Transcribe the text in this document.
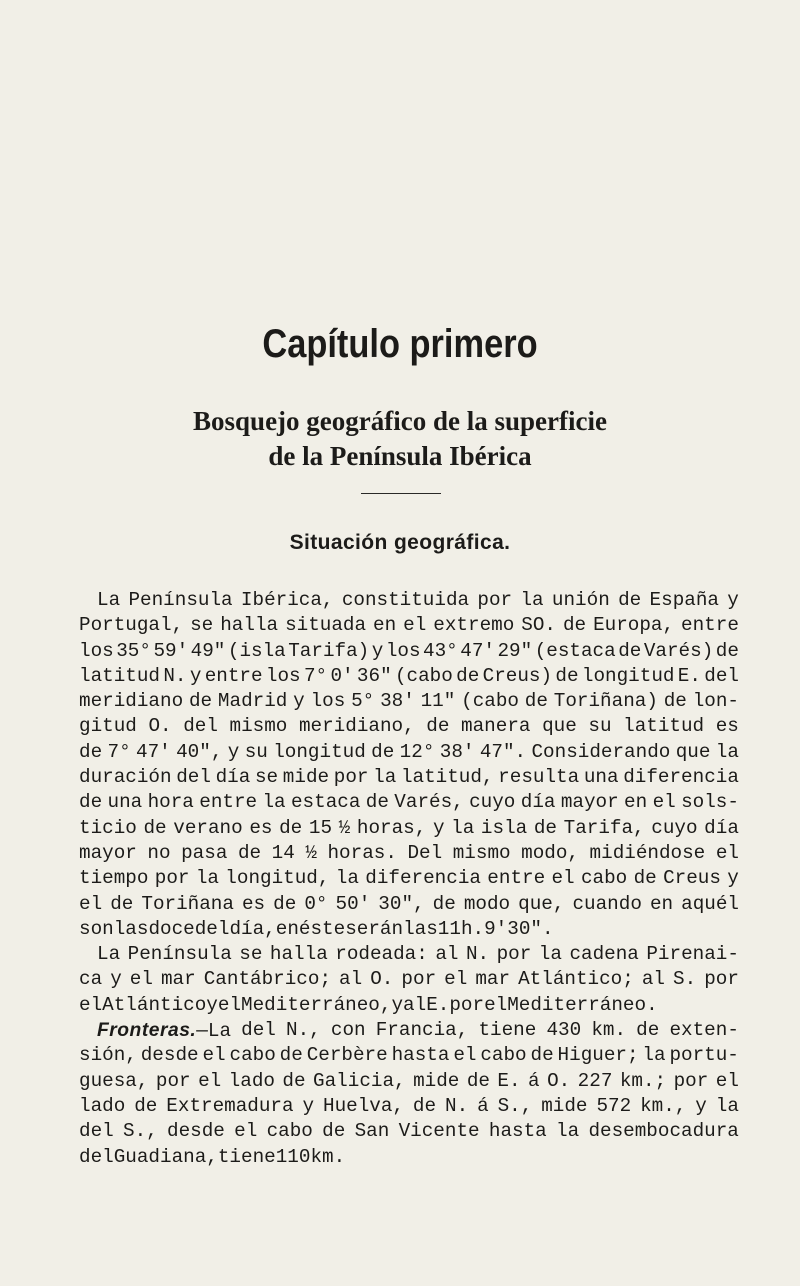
Capítulo primero
Bosquejo geográfico de la superficie
de la Península Ibérica
Situación geográfica.
La Península Ibérica, constituida por la unión de España y
Portugal, se halla situada en el extremo SO. de Europa, entre
los 35° 59′ 49″ (isla Tarifa) y los 43° 47′ 29″ (estaca de Varés) de
latitud N. y entre los 7° 0′ 36″ (cabo de Creus) de longitud E. del
meridiano de Madrid y los 5° 38′ 11″ (cabo de Toriñana) de lon-
gitud O. del mismo meridiano, de manera que su latitud es
de 7° 47′ 40″, y su longitud de 12° 38′ 47″. Considerando que la
duración del día se mide por la latitud, resulta una diferencia
de una hora entre la estaca de Varés, cuyo día mayor en el sols-
ticio de verano es de 15 ½ horas, y la isla de Tarifa, cuyo día
mayor no pasa de 14 ½ horas. Del mismo modo, midiéndose el
tiempo por la longitud, la diferencia entre el cabo de Creus y
el de Toriñana es de 0° 50′ 30″, de modo que, cuando en aquél
son las doce del día, en éste serán las 11 h. 9′ 30″.
La Península se halla rodeada: al N. por la cadena Pirenai-
ca y el mar Cantábrico; al O. por el mar Atlántico; al S. por
el Atlántico y el Mediterráneo, y al E. por el Mediterráneo.
Fronteras.—La del N., con Francia, tiene 430 km. de exten-
sión, desde el cabo de Cerbère hasta el cabo de Higuer; la portu-
guesa, por el lado de Galicia, mide de E. á O. 227 km.; por el
lado de Extremadura y Huelva, de N. á S., mide 572 km., y la
del S., desde el cabo de San Vicente hasta la desembocadura
del Guadiana, tiene 110 km.
